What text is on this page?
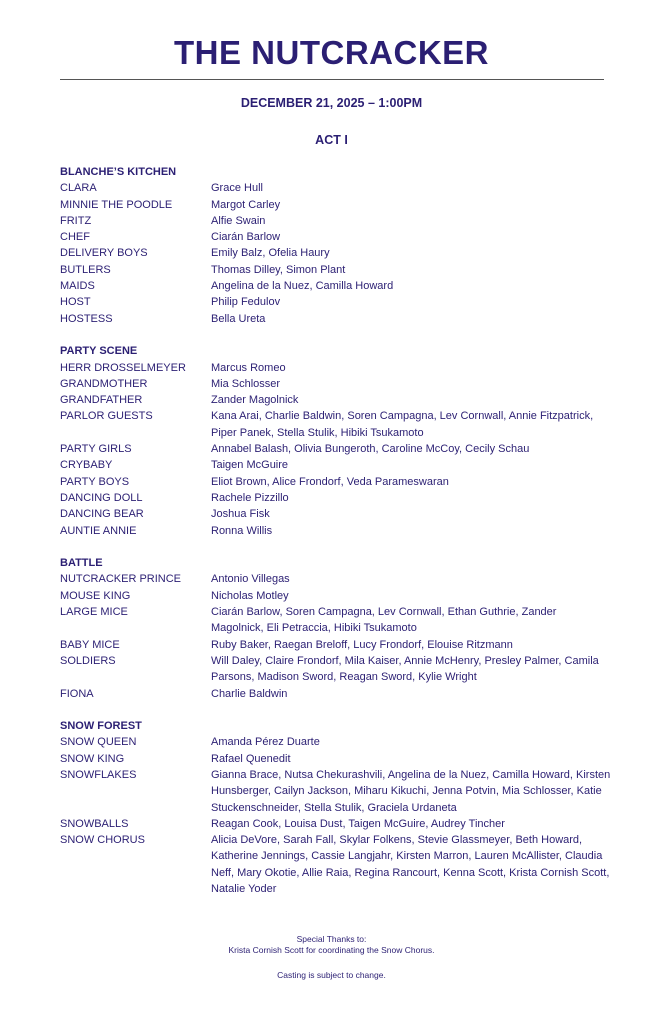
THE NUTCRACKER
DECEMBER 21, 2025 – 1:00PM
ACT I
BLANCHE’S KITCHEN
CLARA	Grace Hull
MINNIE THE POODLE	Margot Carley
FRITZ	Alfie Swain
CHEF	Ciarán Barlow
DELIVERY BOYS	Emily Balz, Ofelia Haury
BUTLERS	Thomas Dilley, Simon Plant
MAIDS	Angelina de la Nuez, Camilla Howard
HOST	Philip Fedulov
HOSTESS	Bella Ureta
PARTY SCENE
HERR DROSSELMEYER	Marcus Romeo
GRANDMOTHER	Mia Schlosser
GRANDFATHER	Zander Magolnick
PARLOR GUESTS	Kana Arai, Charlie Baldwin, Soren Campagna, Lev Cornwall, Annie Fitzpatrick, Piper Panek, Stella Stulik, Hibiki Tsukamoto
PARTY GIRLS	Annabel Balash, Olivia Bungeroth, Caroline McCoy, Cecily Schau
CRYBABY	Taigen McGuire
PARTY BOYS	Eliot Brown, Alice Frondorf, Veda Parameswaran
DANCING DOLL	Rachele Pizzillo
DANCING BEAR	Joshua Fisk
AUNTIE ANNIE	Ronna Willis
BATTLE
NUTCRACKER PRINCE	Antonio Villegas
MOUSE KING	Nicholas Motley
LARGE MICE	Ciarán Barlow, Soren Campagna, Lev Cornwall, Ethan Guthrie, Zander Magolnick, Eli Petraccia, Hibiki Tsukamoto
BABY MICE	Ruby Baker, Raegan Breloff, Lucy Frondorf, Elouise Ritzmann
SOLDIERS	Will Daley, Claire Frondorf, Mila Kaiser, Annie McHenry, Presley Palmer, Camila Parsons, Madison Sword, Reagan Sword, Kylie Wright
FIONA	Charlie Baldwin
SNOW FOREST
SNOW QUEEN	Amanda Pérez Duarte
SNOW KING	Rafael Quenedit
SNOWFLAKES	Gianna Brace, Nutsa Chekurashvili, Angelina de la Nuez, Camilla Howard, Kirsten Hunsberger, Cailyn Jackson, Miharu Kikuchi, Jenna Potvin, Mia Schlosser, Katie Stuckenschneider, Stella Stulik, Graciela Urdaneta
SNOWBALLS	Reagan Cook, Louisa Dust, Taigen McGuire, Audrey Tincher
SNOW CHORUS	Alicia DeVore, Sarah Fall, Skylar Folkens, Stevie Glassmeyer, Beth Howard, Katherine Jennings, Cassie Langjahr, Kirsten Marron, Lauren McAllister, Claudia Neff, Mary Okotie, Allie Raia, Regina Rancourt, Kenna Scott, Krista Cornish Scott, Natalie Yoder
Special Thanks to:
Krista Cornish Scott for coordinating the Snow Chorus.
Casting is subject to change.
